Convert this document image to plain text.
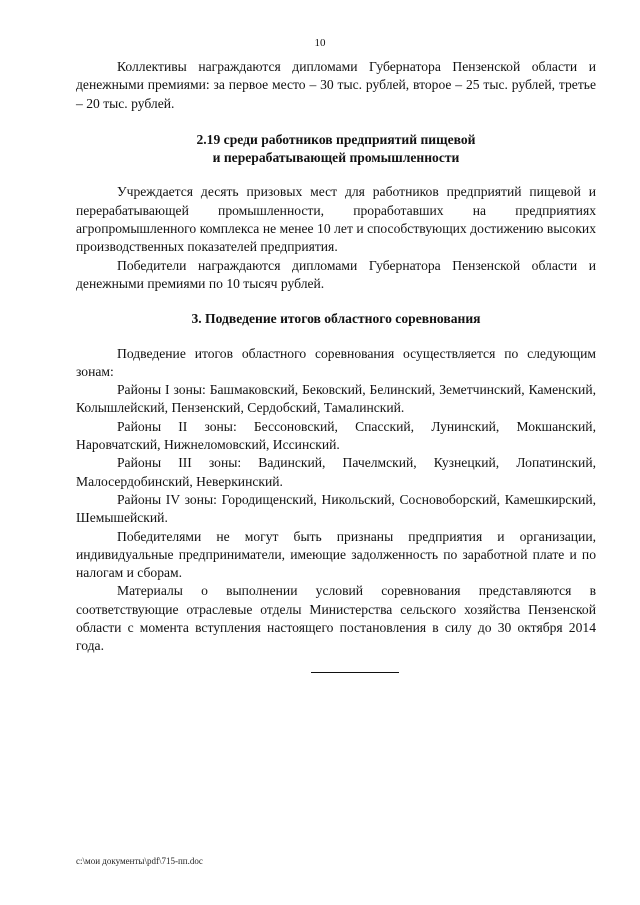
10

Коллективы награждаются дипломами Губернатора Пензенской области и денежными премиями: за первое место – 30 тыс. рублей, второе – 25 тыс. рублей, третье – 20 тыс. рублей.

2.19 среди работников предприятий пищевой
и перерабатывающей промышленности

Учреждается десять призовых мест для работников предприятий пищевой и перерабатывающей промышленности, проработавших на предприятиях агропромышленного комплекса не менее 10 лет и способствующих достижению высоких производственных показателей предприятия.

Победители награждаются дипломами Губернатора Пензенской области и денежными премиями по 10 тысяч рублей.

3. Подведение итогов областного соревнования

Подведение итогов областного соревнования осуществляется по следующим зонам:

Районы I зоны: Башмаковский, Бековский, Белинский, Земетчинский, Каменский, Колышлейский, Пензенский, Сердобский, Тамалинский.

Районы II зоны: Бессоновский, Спасский, Лунинский, Мокшанский, Наровчатский, Нижнеломовский, Иссинский.

Районы III зоны: Вадинский, Пачелмский, Кузнецкий, Лопатинский, Малосердобинский, Неверкинский.

Районы IV зоны: Городищенский, Никольский, Сосновоборский, Камешкирский, Шемышейский.

Победителями не могут быть признаны предприятия и организации, индивидуальные предприниматели, имеющие задолженность по заработной плате и по налогам и сборам.

Материалы о выполнении условий соревнования представляются в соответствующие отраслевые отделы Министерства сельского хозяйства Пензенской области с момента вступления настоящего постановления в силу до 30 октября 2014 года.

c:\мои документы\pdf\715-пп.doc
